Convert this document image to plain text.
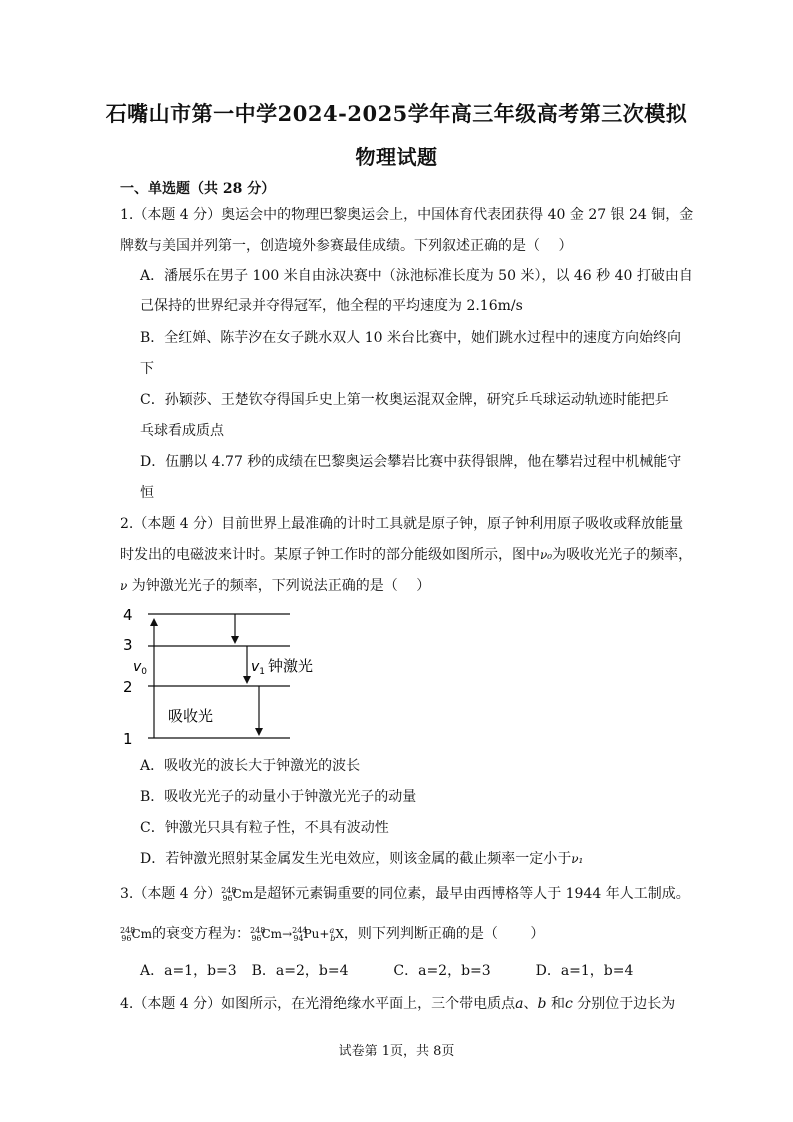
石嘴山市第一中学2024-2025学年高三年级高考第三次模拟
物理试题
一、单选题（共 28 分）
1.（本题 4 分）奥运会中的物理巴黎奥运会上，中国体育代表团获得 40 金 27 银 24 铜，金
牌数与美国并列第一，创造境外参赛最佳成绩。下列叙述正确的是（　 ）
A．潘展乐在男子 100 米自由泳决赛中（泳池标准长度为 50 米），以 46 秒 40 打破由自
己保持的世界纪录并夺得冠军，他全程的平均速度为 2.16m/s
B．全红婵、陈芋汐在女子跳水双人 10 米台比赛中，她们跳水过程中的速度方向始终向
下
C．孙颖莎、王楚钦夺得国乒史上第一枚奥运混双金牌，研究乒乓球运动轨迹时能把乒
乓球看成质点
D．伍鹏以 4.77 秒的成绩在巴黎奥运会攀岩比赛中获得银牌，他在攀岩过程中机械能守
恒
2.（本题 4 分）目前世界上最准确的计时工具就是原子钟，原子钟利用原子吸收或释放能量
时发出的电磁波来计时。某原子钟工作时的部分能级如图所示，图中ν₀为吸收光光子的频率，
ν 为钟激光光子的频率，下列说法正确的是（　 ）
4
3
2
1
$v_0$	$v_1$ 钟激光
吸收光
A．吸收光的波长大于钟激光的波长
B．吸收光光子的动量小于钟激光光子的动量
C．钟激光只具有粒子性，不具有波动性
D．若钟激光照射某金属发生光电效应，则该金属的截止频率一定小于ν₁
3.（本题 4 分）$^{248}_{96}$Cm是超钚元素锔重要的同位素，最早由西博格等人于 1944 年人工制成。
$^{248}_{96}$Cm的衰变方程为：$^{248}_{96}$Cm→$^{244}_{94}$Pu+$^a_b$X，则下列判断正确的是（　　 ）
A．a=1，b=3 B．a=2，b=4	C．a=2，b=3	D．a=1，b=4
4.（本题 4 分）如图所示，在光滑绝缘水平面上，三个带电质点a、b 和c 分别位于边长为
试卷第 1页，共 8页
